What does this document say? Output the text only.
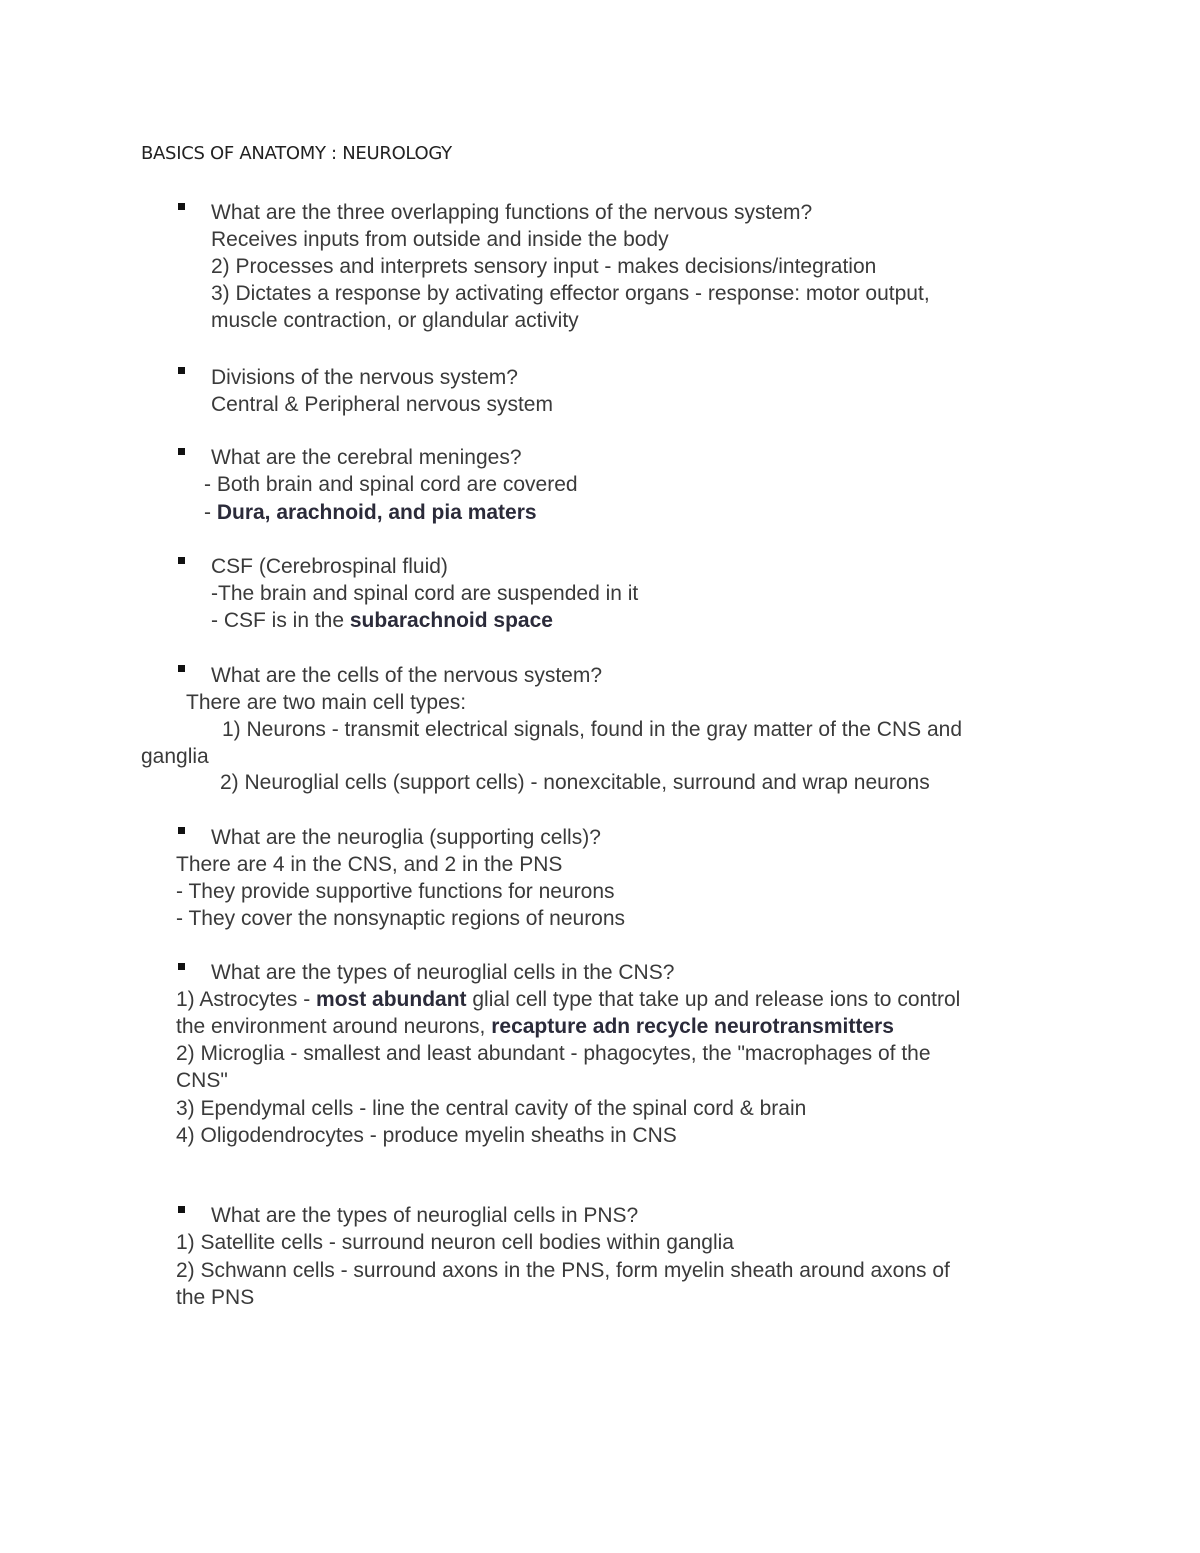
BASICS OF ANATOMY : NEUROLOGY
What are the three overlapping functions of the nervous system?
Receives inputs from outside and inside the body
2) Processes and interprets sensory input - makes decisions/integration
3) Dictates a response by activating effector organs - response: motor output,
muscle contraction, or glandular activity
Divisions of the nervous system?
Central & Peripheral nervous system
What are the cerebral meninges?
- Both brain and spinal cord are covered
- Dura, arachnoid, and pia maters
CSF (Cerebrospinal fluid)
-The brain and spinal cord are suspended in it
- CSF is in the subarachnoid space
What are the cells of the nervous system?
There are two main cell types:
1) Neurons - transmit electrical signals, found in the gray matter of the CNS and
ganglia
2) Neuroglial cells (support cells) - nonexcitable, surround and wrap neurons
What are the neuroglia (supporting cells)?
There are 4 in the CNS, and 2 in the PNS
- They provide supportive functions for neurons
- They cover the nonsynaptic regions of neurons
What are the types of neuroglial cells in the CNS?
1) Astrocytes - most abundant glial cell type that take up and release ions to control
the environment around neurons, recapture adn recycle neurotransmitters
2) Microglia - smallest and least abundant - phagocytes, the "macrophages of the
CNS"
3) Ependymal cells - line the central cavity of the spinal cord & brain
4) Oligodendrocytes - produce myelin sheaths in CNS
What are the types of neuroglial cells in PNS?
1) Satellite cells - surround neuron cell bodies within ganglia
2) Schwann cells - surround axons in the PNS, form myelin sheath around axons of
the PNS
